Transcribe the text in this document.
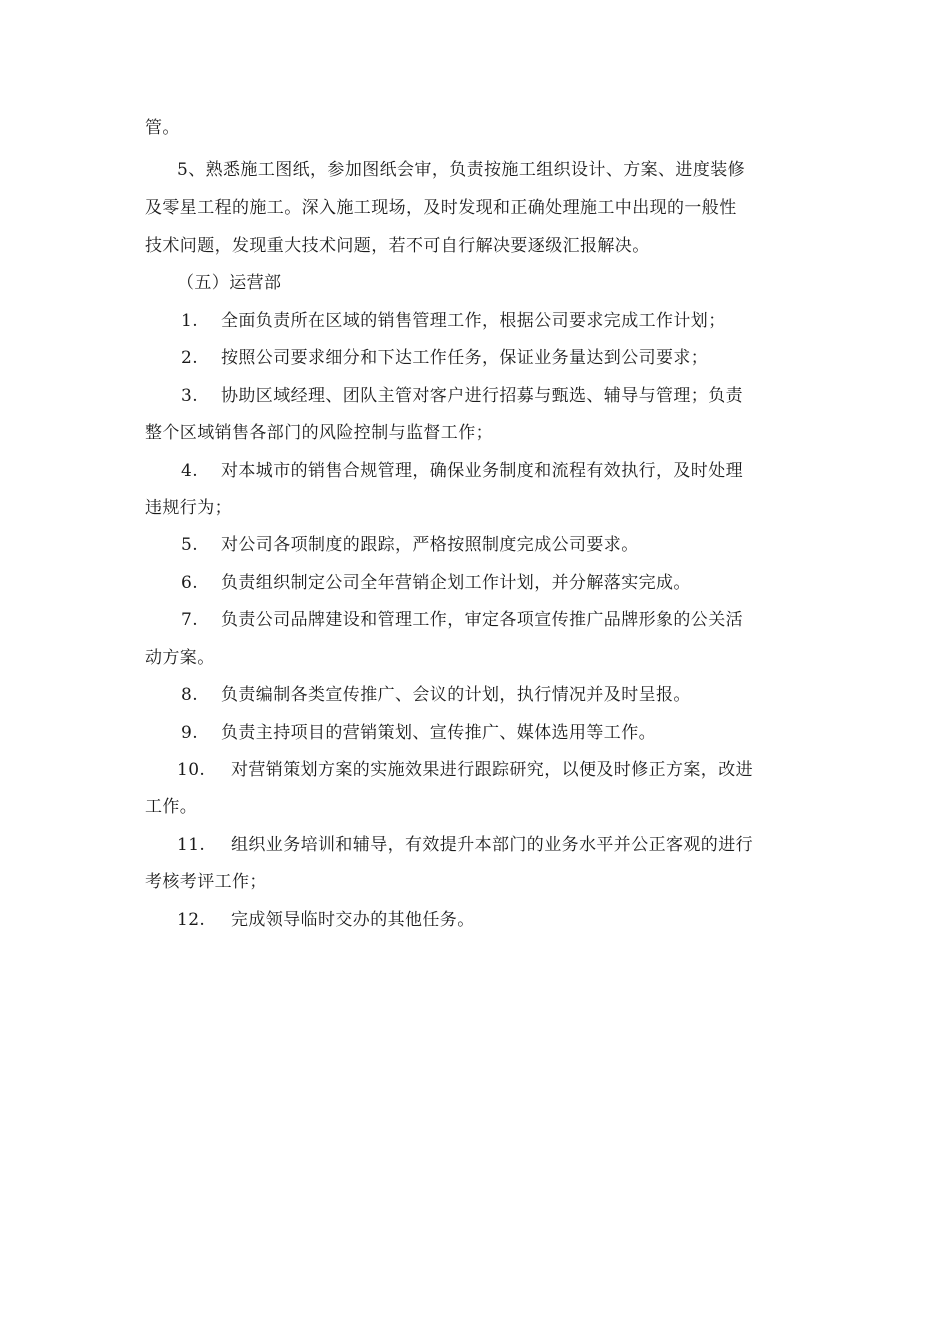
管。
5、熟悉施工图纸，参加图纸会审，负责按施工组织设计、方案、进度装修
及零星工程的施工。深入施工现场，及时发现和正确处理施工中出现的一般性
技术问题，发现重大技术问题，若不可自行解决要逐级汇报解决。
（五）运营部
1. 全面负责所在区域的销售管理工作，根据公司要求完成工作计划；
2. 按照公司要求细分和下达工作任务，保证业务量达到公司要求；
3. 协助区域经理、团队主管对客户进行招募与甄选、辅导与管理；负责
整个区域销售各部门的风险控制与监督工作；
4. 对本城市的销售合规管理，确保业务制度和流程有效执行，及时处理
违规行为；
5. 对公司各项制度的跟踪，严格按照制度完成公司要求。
6. 负责组织制定公司全年营销企划工作计划，并分解落实完成。
7. 负责公司品牌建设和管理工作，审定各项宣传推广品牌形象的公关活
动方案。
8. 负责编制各类宣传推广、会议的计划，执行情况并及时呈报。
9. 负责主持项目的营销策划、宣传推广、媒体选用等工作。
10. 对营销策划方案的实施效果进行跟踪研究，以便及时修正方案，改进
工作。
11. 组织业务培训和辅导，有效提升本部门的业务水平并公正客观的进行
考核考评工作；
12. 完成领导临时交办的其他任务。
